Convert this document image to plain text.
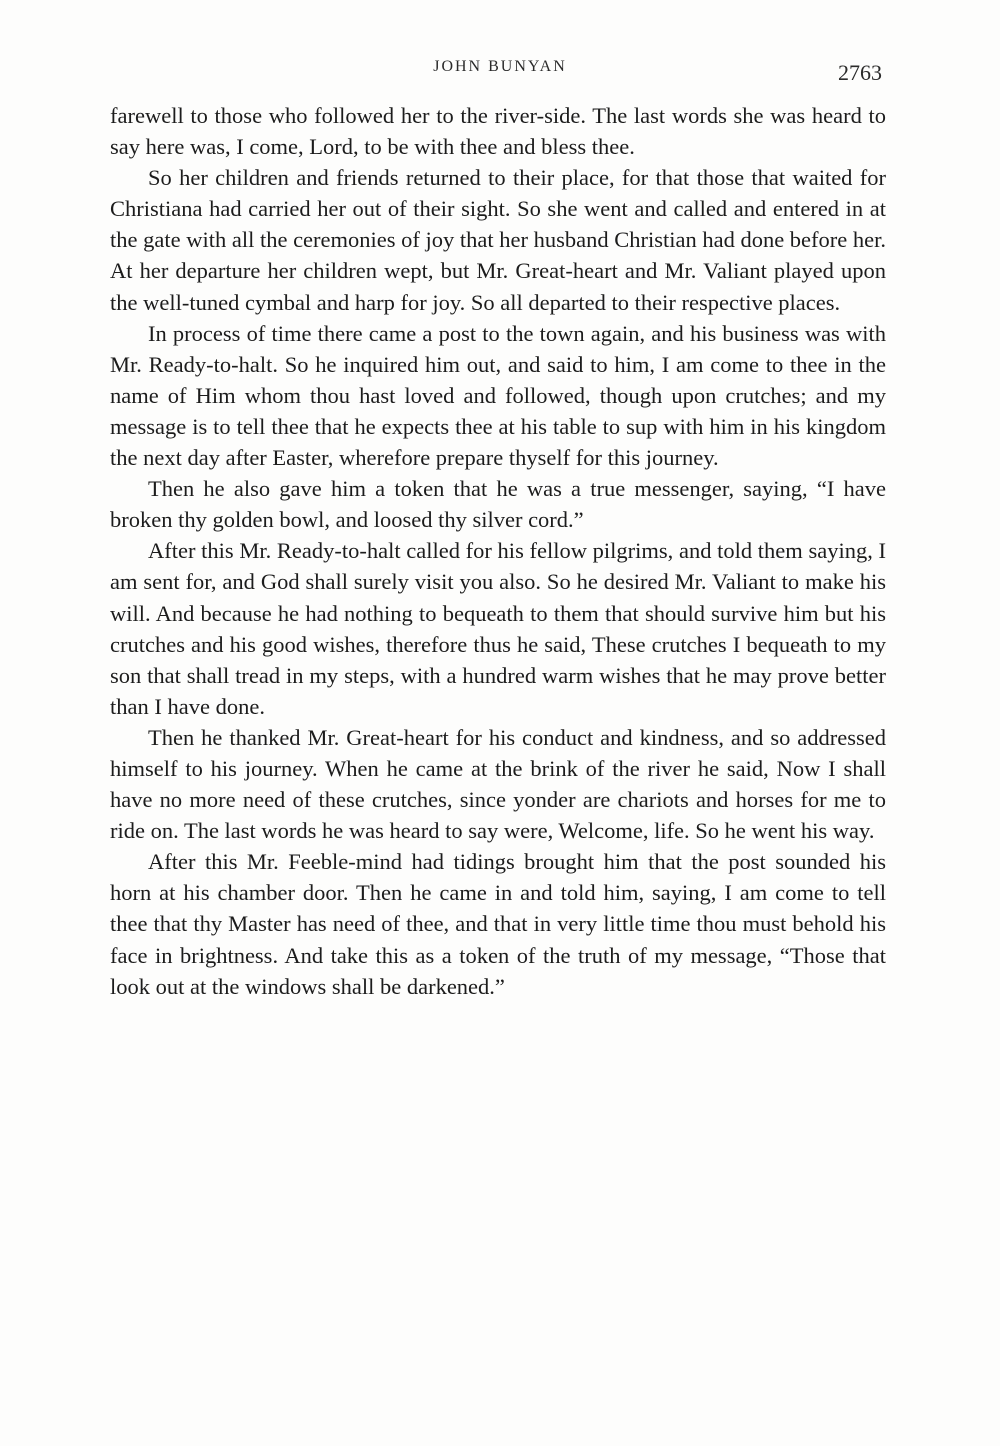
JOHN BUNYAN	2763

farewell to those who followed her to the river-side. The last words she was heard to say here was, I come, Lord, to be with thee and bless thee.

So her children and friends returned to their place, for that those that waited for Christiana had carried her out of their sight. So she went and called and entered in at the gate with all the ceremonies of joy that her husband Christian had done before her. At her departure her children wept, but Mr. Great-heart and Mr. Valiant played upon the well-tuned cymbal and harp for joy. So all departed to their respective places.

In process of time there came a post to the town again, and his business was with Mr. Ready-to-halt. So he inquired him out, and said to him, I am come to thee in the name of Him whom thou hast loved and followed, though upon crutches; and my message is to tell thee that he expects thee at his table to sup with him in his kingdom the next day after Easter, wherefore prepare thyself for this journey.

Then he also gave him a token that he was a true messenger, saying, “I have broken thy golden bowl, and loosed thy silver cord.”

After this Mr. Ready-to-halt called for his fellow pilgrims, and told them saying, I am sent for, and God shall surely visit you also. So he desired Mr. Valiant to make his will. And because he had nothing to bequeath to them that should survive him but his crutches and his good wishes, therefore thus he said, These crutches I bequeath to my son that shall tread in my steps, with a hundred warm wishes that he may prove better than I have done.

Then he thanked Mr. Great-heart for his conduct and kindness, and so addressed himself to his journey. When he came at the brink of the river he said, Now I shall have no more need of these crutches, since yonder are chariots and horses for me to ride on. The last words he was heard to say were, Welcome, life. So he went his way.

After this Mr. Feeble-mind had tidings brought him that the post sounded his horn at his chamber door. Then he came in and told him, saying, I am come to tell thee that thy Master has need of thee, and that in very little time thou must behold his face in brightness. And take this as a token of the truth of my message, “Those that look out at the windows shall be darkened.”
